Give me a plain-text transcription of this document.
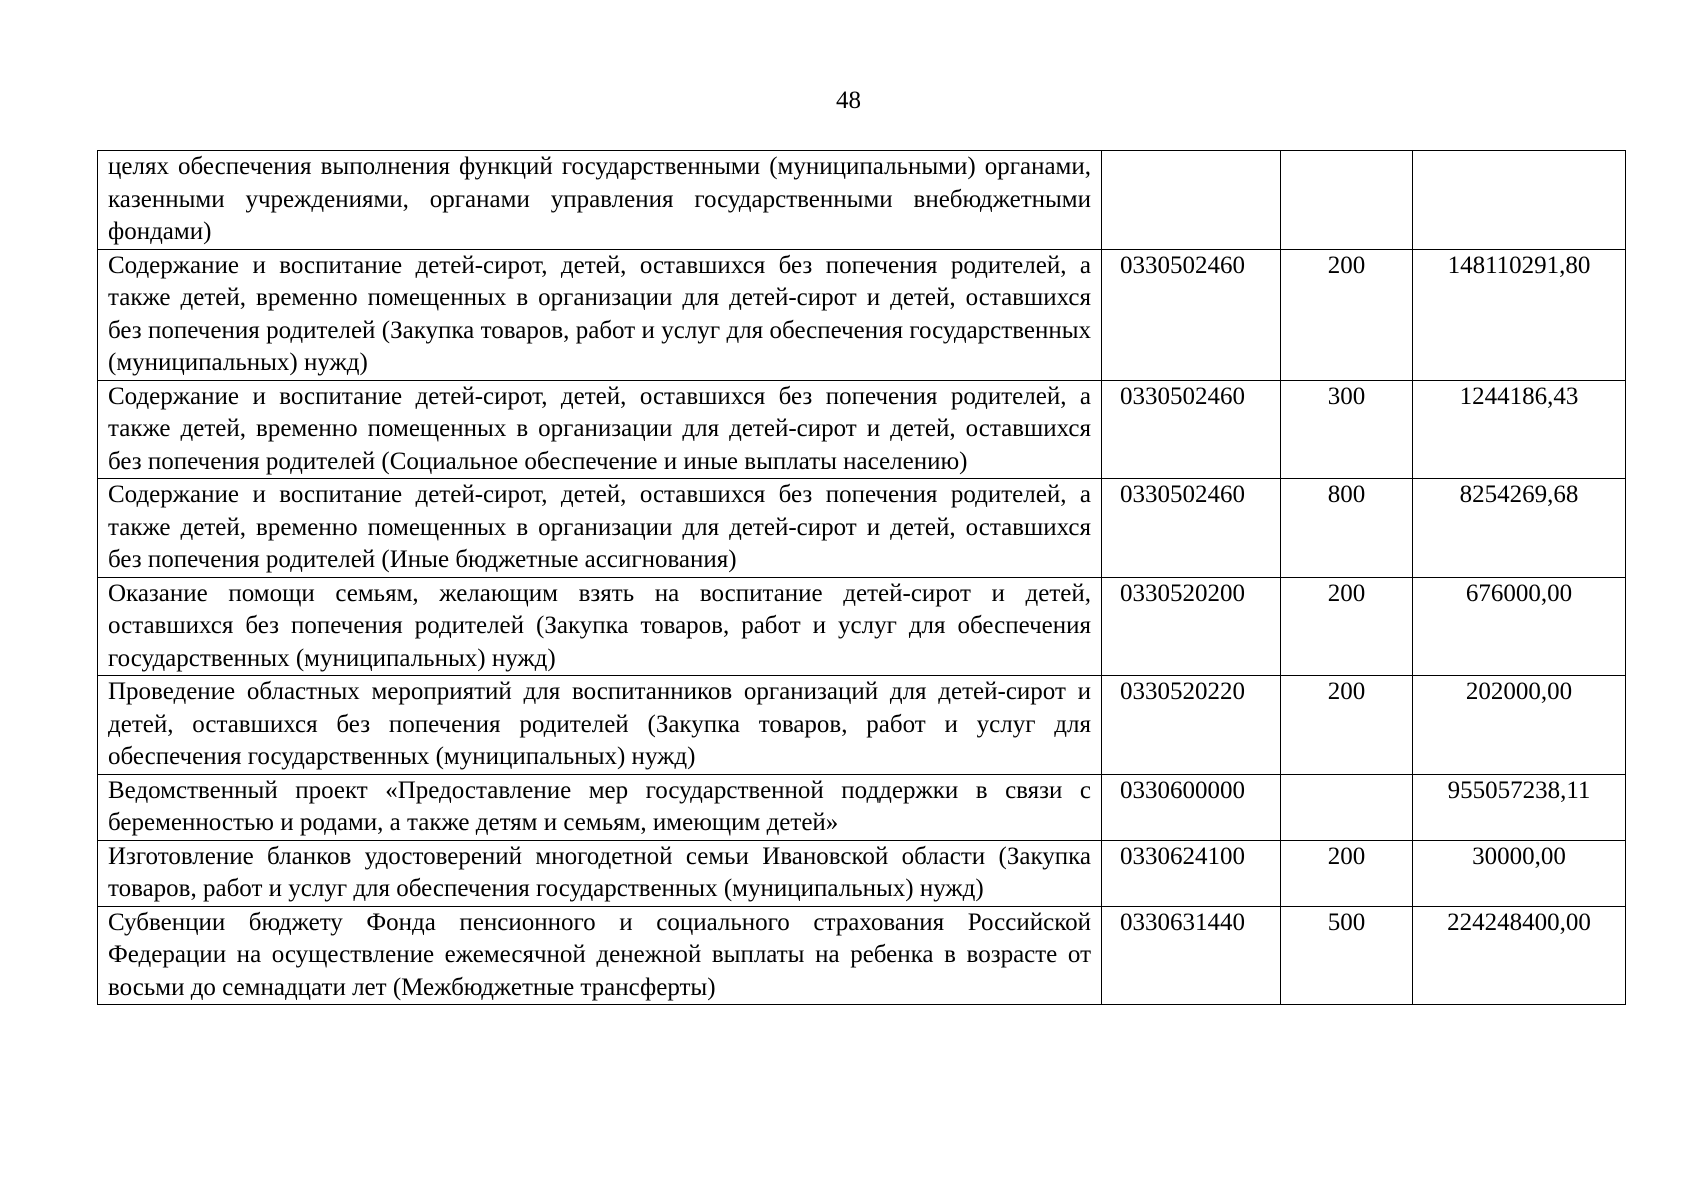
48
целях обеспечения выполнения функций государственными (муниципальными) органами, казенными учреждениями, органами управления государственными внебюджетными фондами)			
Содержание и воспитание детей-сирот, детей, оставшихся без попечения родителей, а также детей, временно помещенных в организации для детей-сирот и детей, оставшихся без попечения родителей (Закупка товаров, работ и услуг для обеспечения государственных (муниципальных) нужд)	0330502460	200	148110291,80
Содержание и воспитание детей-сирот, детей, оставшихся без попечения родителей, а также детей, временно помещенных в организации для детей-сирот и детей, оставшихся без попечения родителей (Социальное обеспечение и иные выплаты населению)	0330502460	300	1244186,43
Содержание и воспитание детей-сирот, детей, оставшихся без попечения родителей, а также детей, временно помещенных в организации для детей-сирот и детей, оставшихся без попечения родителей (Иные бюджетные ассигнования)	0330502460	800	8254269,68
Оказание помощи семьям, желающим взять на воспитание детей-сирот и детей, оставшихся без попечения родителей (Закупка товаров, работ и услуг для обеспечения государственных (муниципальных) нужд)	0330520200	200	676000,00
Проведение областных мероприятий для воспитанников организаций для детей-сирот и детей, оставшихся без попечения родителей (Закупка товаров, работ и услуг для обеспечения государственных (муниципальных) нужд)	0330520220	200	202000,00
Ведомственный проект «Предоставление мер государственной поддержки в связи с беременностью и родами, а также детям и семьям, имеющим детей»	0330600000		955057238,11
Изготовление бланков удостоверений многодетной семьи Ивановской области (Закупка товаров, работ и услуг для обеспечения государственных (муниципальных) нужд)	0330624100	200	30000,00
Субвенции бюджету Фонда пенсионного и социального страхования Российской Федерации на осуществление ежемесячной денежной выплаты на ребенка в возрасте от восьми до семнадцати лет (Межбюджетные трансферты)	0330631440	500	224248400,00
